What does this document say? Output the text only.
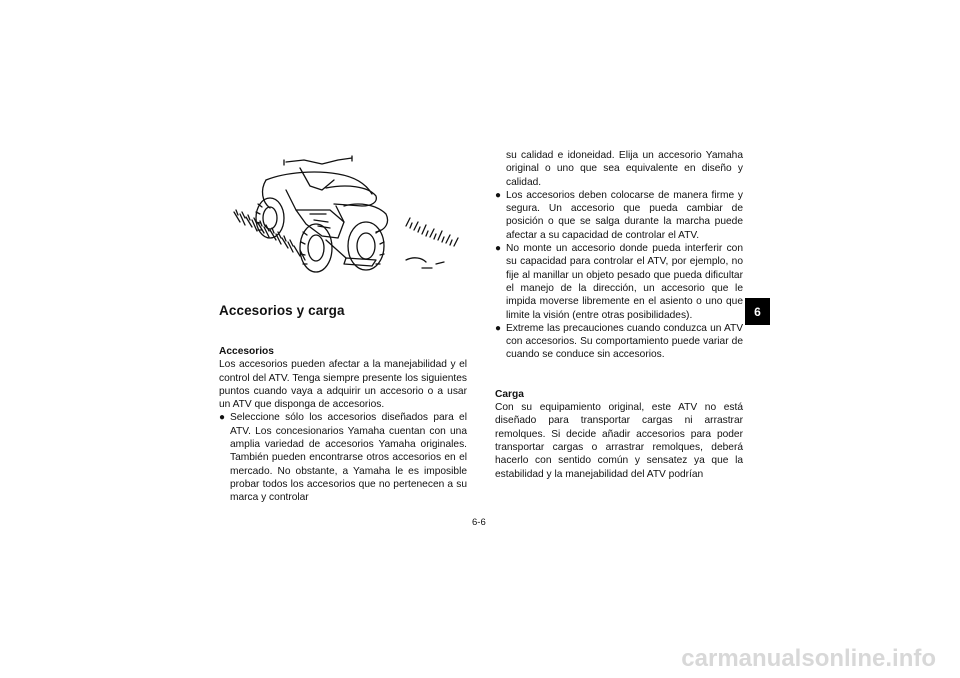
Accesorios y carga

Accesorios

Los accesorios pueden afectar a la manejabilidad y el control del ATV. Tenga siempre presente los siguientes puntos cuando vaya a adquirir un accesorio o a usar un ATV que disponga de accesorios.

● Seleccione sólo los accesorios diseñados para el ATV. Los concesionarios Yamaha cuentan con una amplia variedad de accesorios Yamaha originales. También pueden encontrarse otros accesorios en el mercado. No obstante, a Yamaha le es imposible probar todos los accesorios que no pertenecen a su marca y controlar

su calidad e idoneidad. Elija un accesorio Yamaha original o uno que sea equivalente en diseño y calidad.

● Los accesorios deben colocarse de manera firme y segura. Un accesorio que pueda cambiar de posición o que se salga durante la marcha puede afectar a su capacidad de controlar el ATV.
● No monte un accesorio donde pueda interferir con su capacidad para controlar el ATV, por ejemplo, no fije al manillar un objeto pesado que pueda dificultar el manejo de la dirección, un accesorio que le impida moverse libremente en el asiento o uno que limite la visión (entre otras posibilidades).
● Extreme las precauciones cuando conduzca un ATV con accesorios. Su comportamiento puede variar de cuando se conduce sin accesorios.

Carga

Con su equipamiento original, este ATV no está diseñado para transportar cargas ni arrastrar remolques. Si decide añadir accesorios para poder transportar cargas o arrastrar remolques, deberá hacerlo con sentido común y sensatez ya que la estabilidad y la manejabilidad del ATV podrían

6
6-6
carmanualsonline.info
